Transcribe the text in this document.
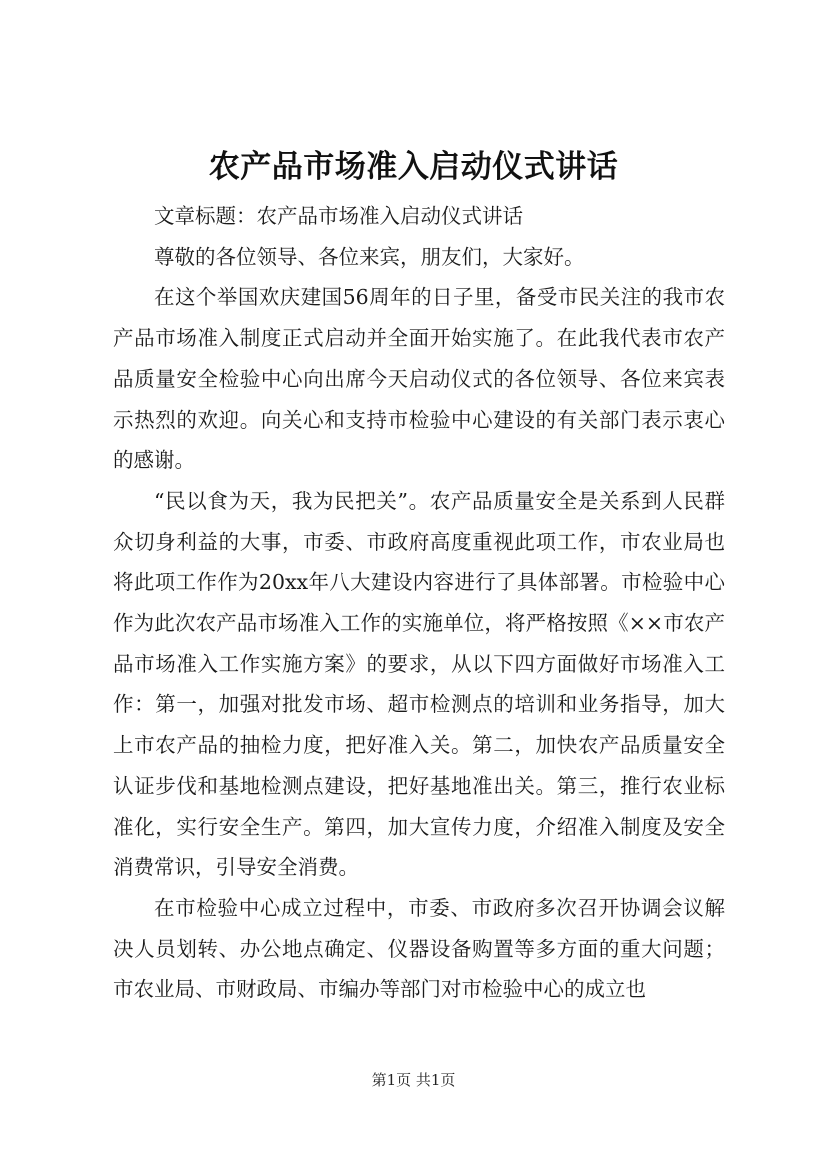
农产品市场准入启动仪式讲话

文章标题：农产品市场准入启动仪式讲话

尊敬的各位领导、各位来宾，朋友们，大家好。

在这个举国欢庆建国56周年的日子里，备受市民关注的我市农产品市场准入制度正式启动并全面开始实施了。在此我代表市农产品质量安全检验中心向出席今天启动仪式的各位领导、各位来宾表示热烈的欢迎。向关心和支持市检验中心建设的有关部门表示衷心的感谢。

“民以食为天，我为民把关”。农产品质量安全是关系到人民群众切身利益的大事，市委、市政府高度重视此项工作，市农业局也将此项工作作为20xx年八大建设内容进行了具体部署。市检验中心作为此次农产品市场准入工作的实施单位，将严格按照《××市农产品市场准入工作实施方案》的要求，从以下四方面做好市场准入工作：第一，加强对批发市场、超市检测点的培训和业务指导，加大上市农产品的抽检力度，把好准入关。第二，加快农产品质量安全认证步伐和基地检测点建设，把好基地准出关。第三，推行农业标准化，实行安全生产。第四，加大宣传力度，介绍准入制度及安全消费常识，引导安全消费。

在市检验中心成立过程中，市委、市政府多次召开协调会议解决人员划转、办公地点确定、仪器设备购置等多方面的重大问题；市农业局、市财政局、市编办等部门对市检验中心的成立也

第1页 共1页
